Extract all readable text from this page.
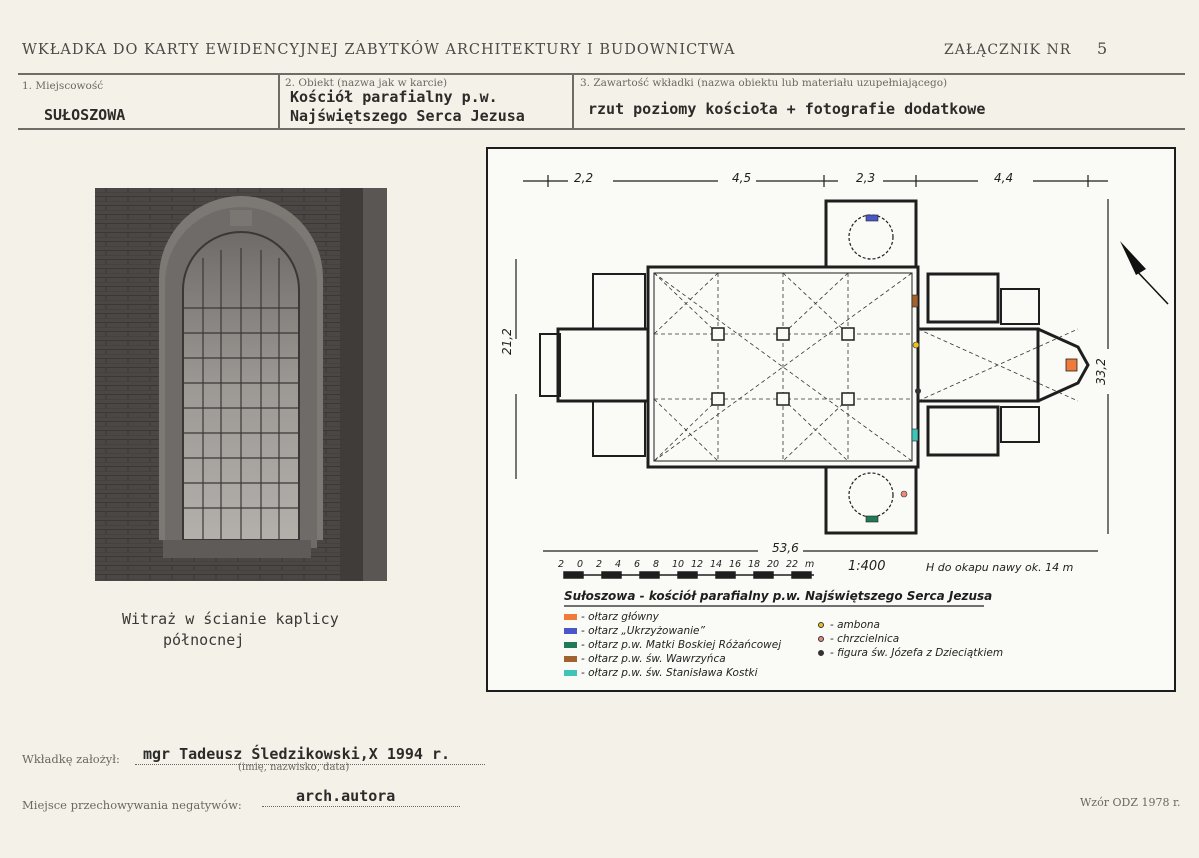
WKŁADKA DO KARTY EWIDENCYJNEJ ZABYTKÓW ARCHITEKTURY I BUDOWNICTWA	ZAŁĄCZNIK NR 5
1. Miejscowość
SUŁOSZOWA
2. Obiekt (nazwa jak w karcie)
Kościół parafialny p.w.
Najświętszego Serca Jezusa
3. Zawartość wkładki (nazwa obiektu lub materiału uzupełniającego)
rzut poziomy kościoła + fotografie dodatkowe
Witraż w ścianie kaplicy
północnej
2,2	4,5	2,3	4,4
21,2
33,2
53,6
2	0	2	4	6	8	10 12 14 16 18 20 22 m	1:400	H do okapu nawy ok. 14 m
Sułoszowa - kościół parafialny p.w. Najświętszego Serca Jezusa
- ołtarz główny
- ołtarz „Ukrzyżowanie”
- ołtarz p.w. Matki Boskiej Różańcowej
- ołtarz p.w. św. Wawrzyńca
- ołtarz p.w. św. Stanisława Kostki
- ambona
- chrzcielnica
- figura św. Józefa z Dzieciątkiem
Wkładkę założył: mgr Tadeusz Śledzikowski,X 1994 r.
(imię, nazwisko, data)
Miejsce przechowywania negatywów:	arch.autora	Wzór ODZ 1978 r.
